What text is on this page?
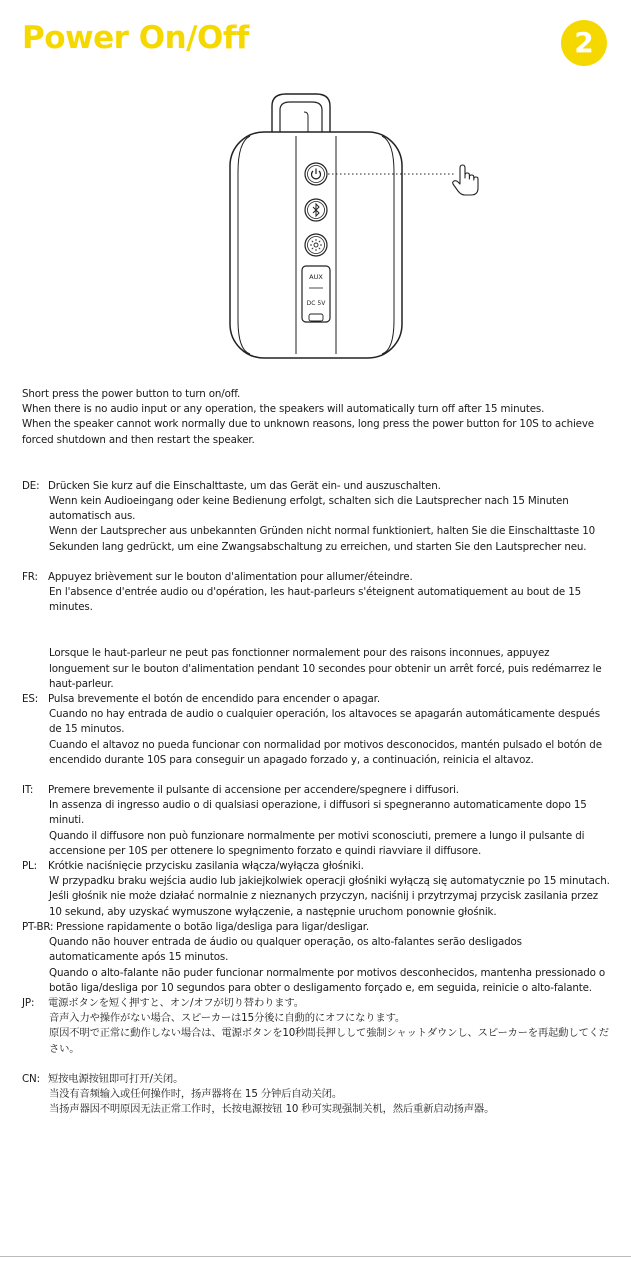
Power On/Off	2
AUX
DC 5V

Short press the power button to turn on/off.

When there is no audio input or any operation, the speakers will automatically turn off after 15 minutes.

When the speaker cannot work normally due to unknown reasons, long press the power button for 10S to achieve forced shutdown and then restart the speaker.

DE: Drücken Sie kurz auf die Einschalttaste, um das Gerät ein- und auszuschalten.

Wenn kein Audioeingang oder keine Bedienung erfolgt, schalten sich die Lautsprecher nach 15 Minuten automatisch aus.

Wenn der Lautsprecher aus unbekannten Gründen nicht normal funktioniert, halten Sie die Einschalttaste 10 Sekunden lang gedrückt, um eine Zwangsabschaltung zu erreichen, und starten Sie den Lautsprecher neu.

FR: Appuyez brièvement sur le bouton d'alimentation pour allumer/éteindre.

En l'absence d'entrée audio ou d'opération, les haut-parleurs s'éteignent automatiquement au bout de 15 minutes.

Lorsque le haut-parleur ne peut pas fonctionner normalement pour des raisons inconnues, appuyez longuement sur le bouton d'alimentation pendant 10 secondes pour obtenir un arrêt forcé, puis redémarrez le haut-parleur.

ES: Pulsa brevemente el botón de encendido para encender o apagar.

Cuando no hay entrada de audio o cualquier operación, los altavoces se apagarán automáticamente después de 15 minutos.

Cuando el altavoz no pueda funcionar con normalidad por motivos desconocidos, mantén pulsado el botón de encendido durante 10S para conseguir un apagado forzado y, a continuación, reinicia el altavoz.

IT:	Premere brevemente il pulsante di accensione per accendere/spegnere i diffusori.

In assenza di ingresso audio o di qualsiasi operazione, i diffusori si spegneranno automaticamente dopo 15 minuti.

Quando il diffusore non può funzionare normalmente per motivi sconosciuti, premere a lungo il pulsante di accensione per 10S per ottenere lo spegnimento forzato e quindi riavviare il diffusore.

PL:	Krótkie naciśnięcie przycisku zasilania włącza/wyłącza głośniki.

W przypadku braku wejścia audio lub jakiejkolwiek operacji głośniki wyłączą się automatycznie po 15 minutach.

Jeśli głośnik nie może działać normalnie z nieznanych przyczyn, naciśnij i przytrzymaj przycisk zasilania przez 10 sekund, aby uzyskać wymuszone wyłączenie, a następnie uruchom ponownie głośnik.

PT-BR: Pressione rapidamente o botão liga/desliga para ligar/desligar.

Quando não houver entrada de áudio ou qualquer operação, os alto-falantes serão desligados automaticamente após 15 minutos.

Quando o alto-falante não puder funcionar normalmente por motivos desconhecidos, mantenha pressionado o botão liga/desliga por 10 segundos para obter o desligamento forçado e, em seguida, reinicie o alto-falante.

JP:	電源ボタンを短く押すと、オン/オフが切り替わります。

音声入力や操作がない場合、スピーカーは15分後に自動的にオフになります。

原因不明で正常に動作しない場合は、電源ボタンを10秒間長押しして強制シャットダウンし、スピーカーを再起動してください。

CN: 短按电源按钮即可打开/关闭。

当没有音频输入或任何操作时，扬声器将在 15 分钟后自动关闭。

当扬声器因不明原因无法正常工作时，长按电源按钮 10 秒可实现强制关机，然后重新启动扬声器。
